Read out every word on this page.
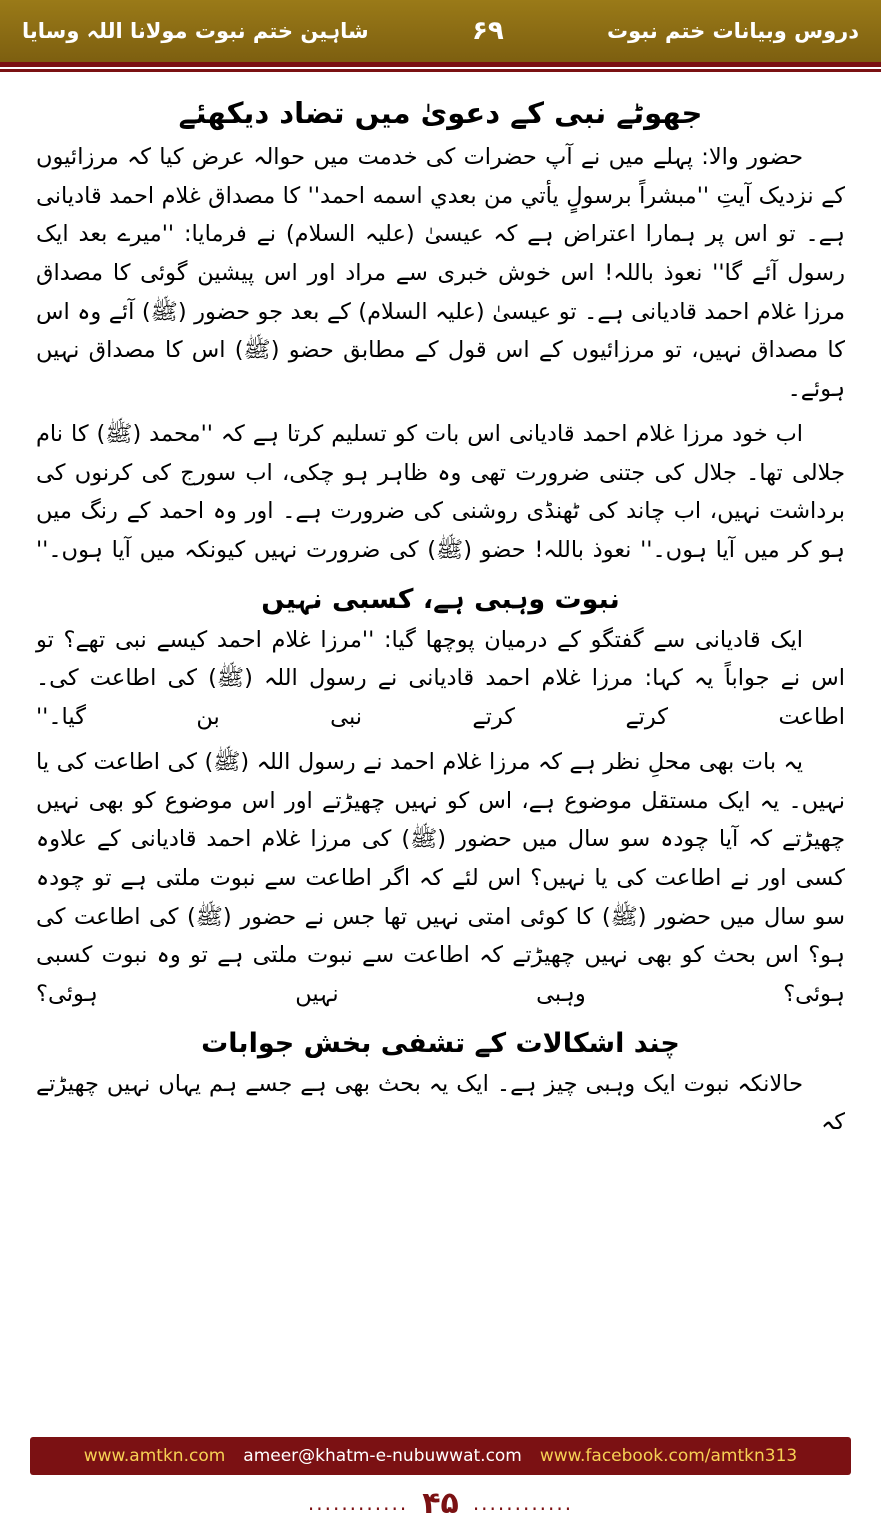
دروس وبیانات ختم نبوت
۶۹
شاہین ختم نبوت مولانا اللہ وسایا
جھوٹے نبی کے دعویٰ میں تضاد دیکھئے

حضور والا: پہلے میں نے آپ حضرات کی خدمت میں حوالہ عرض کیا کہ مرزائیوں کے نزدیک آیتِ ''مبشراً برسولٍ یأتي من بعدي اسمه احمد'' کا مصداق غلام احمد قادیانی ہے۔ تو اس پر ہمارا اعتراض ہے کہ عیسیٰ (علیہ السلام) نے فرمایا: ''میرے بعد ایک رسول آئے گا'' نعوذ باللہ! اس خوش خبری سے مراد اور اس پیشین گوئی کا مصداق مرزا غلام احمد قادیانی ہے۔ تو عیسیٰ (علیہ السلام) کے بعد جو حضور (ﷺ) آئے وہ اس کا مصداق نہیں، تو مرزائیوں کے اس قول کے مطابق حضو (ﷺ) اس کا مصداق نہیں ہوئے۔

اب خود مرزا غلام احمد قادیانی اس بات کو تسلیم کرتا ہے کہ ''محمد (ﷺ) کا نام جلالی تھا۔ جلال کی جتنی ضرورت تھی وہ ظاہر ہو چکی، اب سورج کی کرنوں کی برداشت نہیں، اب چاند کی ٹھنڈی روشنی کی ضرورت ہے۔ اور وہ احمد کے رنگ میں ہو کر میں آیا ہوں۔'' نعوذ باللہ! حضو (ﷺ) کی ضرورت نہیں کیونکہ میں آیا ہوں۔''

نبوت وہبی ہے، کسبی نہیں

ایک قادیانی سے گفتگو کے درمیان پوچھا گیا: ''مرزا غلام احمد کیسے نبی تھے؟ تو اس نے جواباً یہ کہا: مرزا غلام احمد قادیانی نے رسول اللہ (ﷺ) کی اطاعت کی۔ اطاعت کرتے کرتے نبی بن گیا۔''

یہ بات بھی محلِ نظر ہے کہ مرزا غلام احمد نے رسول اللہ (ﷺ) کی اطاعت کی یا نہیں۔ یہ ایک مستقل موضوع ہے، اس کو نہیں چھیڑتے اور اس موضوع کو بھی نہیں چھیڑتے کہ آیا چودہ سو سال میں حضور (ﷺ) کی مرزا غلام احمد قادیانی کے علاوہ کسی اور نے اطاعت کی یا نہیں؟ اس لئے کہ اگر اطاعت سے نبوت ملتی ہے تو چودہ سو سال میں حضور (ﷺ) کا کوئی امتی نہیں تھا جس نے حضور (ﷺ) کی اطاعت کی ہو؟ اس بحث کو بھی نہیں چھیڑتے کہ اطاعت سے نبوت ملتی ہے تو وہ نبوت کسبی ہوئی؟ وہبی نہیں ہوئی؟

چند اشکالات کے تشفی بخش جوابات

حالانکہ نبوت ایک وہبی چیز ہے۔ ایک یہ بحث بھی ہے جسے ہم یہاں نہیں چھیڑتے کہ

www.amtkn.com ameer@khatm-e-nubuwwat.com www.facebook.com/amtkn313
............ ۴۵ ............
